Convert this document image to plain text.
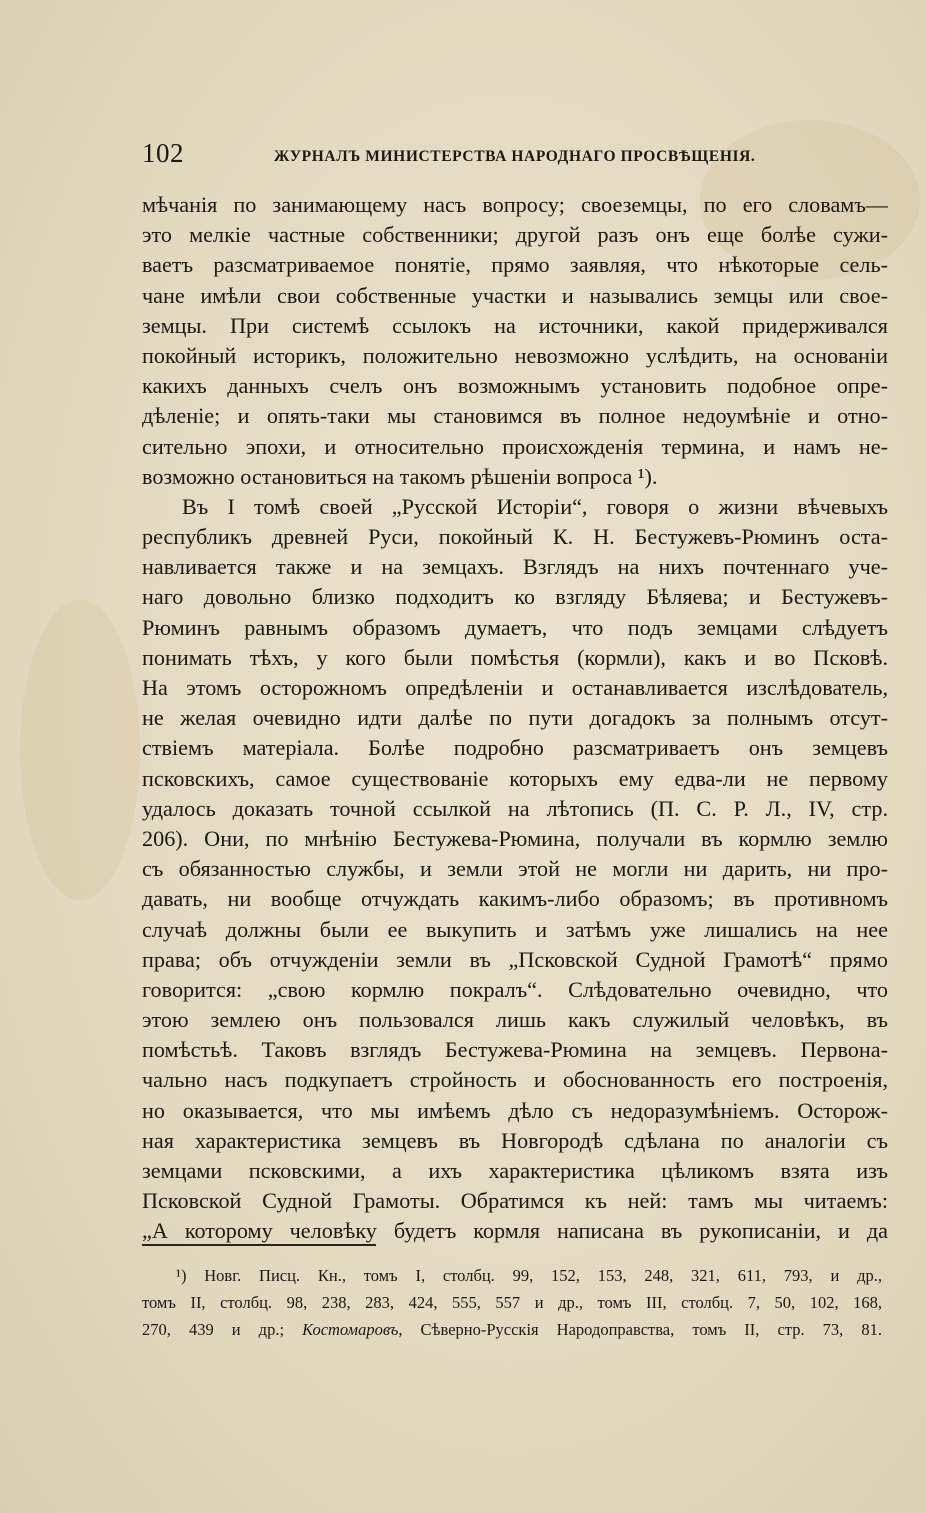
102	ЖУРНАЛЪ МИНИСТЕРСТВА НАРОДНАГО ПРОСВѢЩЕНІЯ.
мѣчанія по занимающему насъ вопросу; своеземцы, по его словамъ—
это мелкіе частные собственники; другой разъ онъ еще болѣе сужи-
ваетъ разсматриваемое понятіе, прямо заявляя, что нѣкоторые сель-
чане имѣли свои собственные участки и назывались земцы или свое-
земцы. При системѣ ссылокъ на источники, какой придерживался
покойный историкъ, положительно невозможно услѣдить, на основаніи
какихъ данныхъ счелъ онъ возможнымъ установить подобное опре-
дѣленіе; и опять-таки мы становимся въ полное недоумѣніе и отно-
сительно эпохи, и относительно происхожденія термина, и намъ не-
возможно остановиться на такомъ рѣшеніи вопроса ¹).
Въ I томѣ своей „Русской Исторіи“, говоря о жизни вѣчевыхъ
республикъ древней Руси, покойный К. Н. Бестужевъ-Рюминъ оста-
навливается также и на земцахъ. Взглядъ на нихъ почтеннаго уче-
наго довольно близко подходитъ ко взгляду Бѣляева; и Бестужевъ-
Рюминъ равнымъ образомъ думаетъ, что подъ земцами слѣдуетъ
понимать тѣхъ, у кого были помѣстья (кормли), какъ и во Псковѣ.
На этомъ осторожномъ опредѣленіи и останавливается изслѣдователь,
не желая очевидно идти далѣе по пути догадокъ за полнымъ отсут-
ствіемъ матеріала. Болѣе подробно разсматриваетъ онъ земцевъ
псковскихъ, самое существованіе которыхъ ему едва-ли не первому
удалось доказать точной ссылкой на лѣтопись (П. С. Р. Л., IV, стр.
206). Они, по мнѣнію Бестужева-Рюмина, получали въ кормлю землю
съ обязанностью службы, и земли этой не могли ни дарить, ни про-
давать, ни вообще отчуждать какимъ-либо образомъ; въ противномъ
случаѣ должны были ее выкупить и затѣмъ уже лишались на нее
права; объ отчужденіи земли въ „Псковской Судной Грамотѣ“ прямо
говорится: „свою кормлю покралъ“. Слѣдовательно очевидно, что
этою землею онъ пользовался лишь какъ служилый человѣкъ, въ
помѣстьѣ. Таковъ взглядъ Бестужева-Рюмина на земцевъ. Первона-
чально насъ подкупаетъ стройность и обоснованность его построенія,
но оказывается, что мы имѣемъ дѣло съ недоразумѣніемъ. Осторож-
ная характеристика земцевъ въ Новгородѣ сдѣлана по аналогіи съ
земцами псковскими, а ихъ характеристика цѣликомъ взята изъ
Псковской Судной Грамоты. Обратимся къ ней: тамъ мы читаемъ:
„А которому человѣку будетъ кормля написана въ рукописаніи, и да
¹) Новг. Писц. Кн., томъ I, столбц. 99, 152, 153, 248, 321, 611, 793, и др.,
томъ II, столбц. 98, 238, 283, 424, 555, 557 и др., томъ III, столбц. 7, 50, 102, 168,
270, 439 и др.; Костомаровъ, Сѣверно-Русскія Народоправства, томъ II, стр. 73, 81.
